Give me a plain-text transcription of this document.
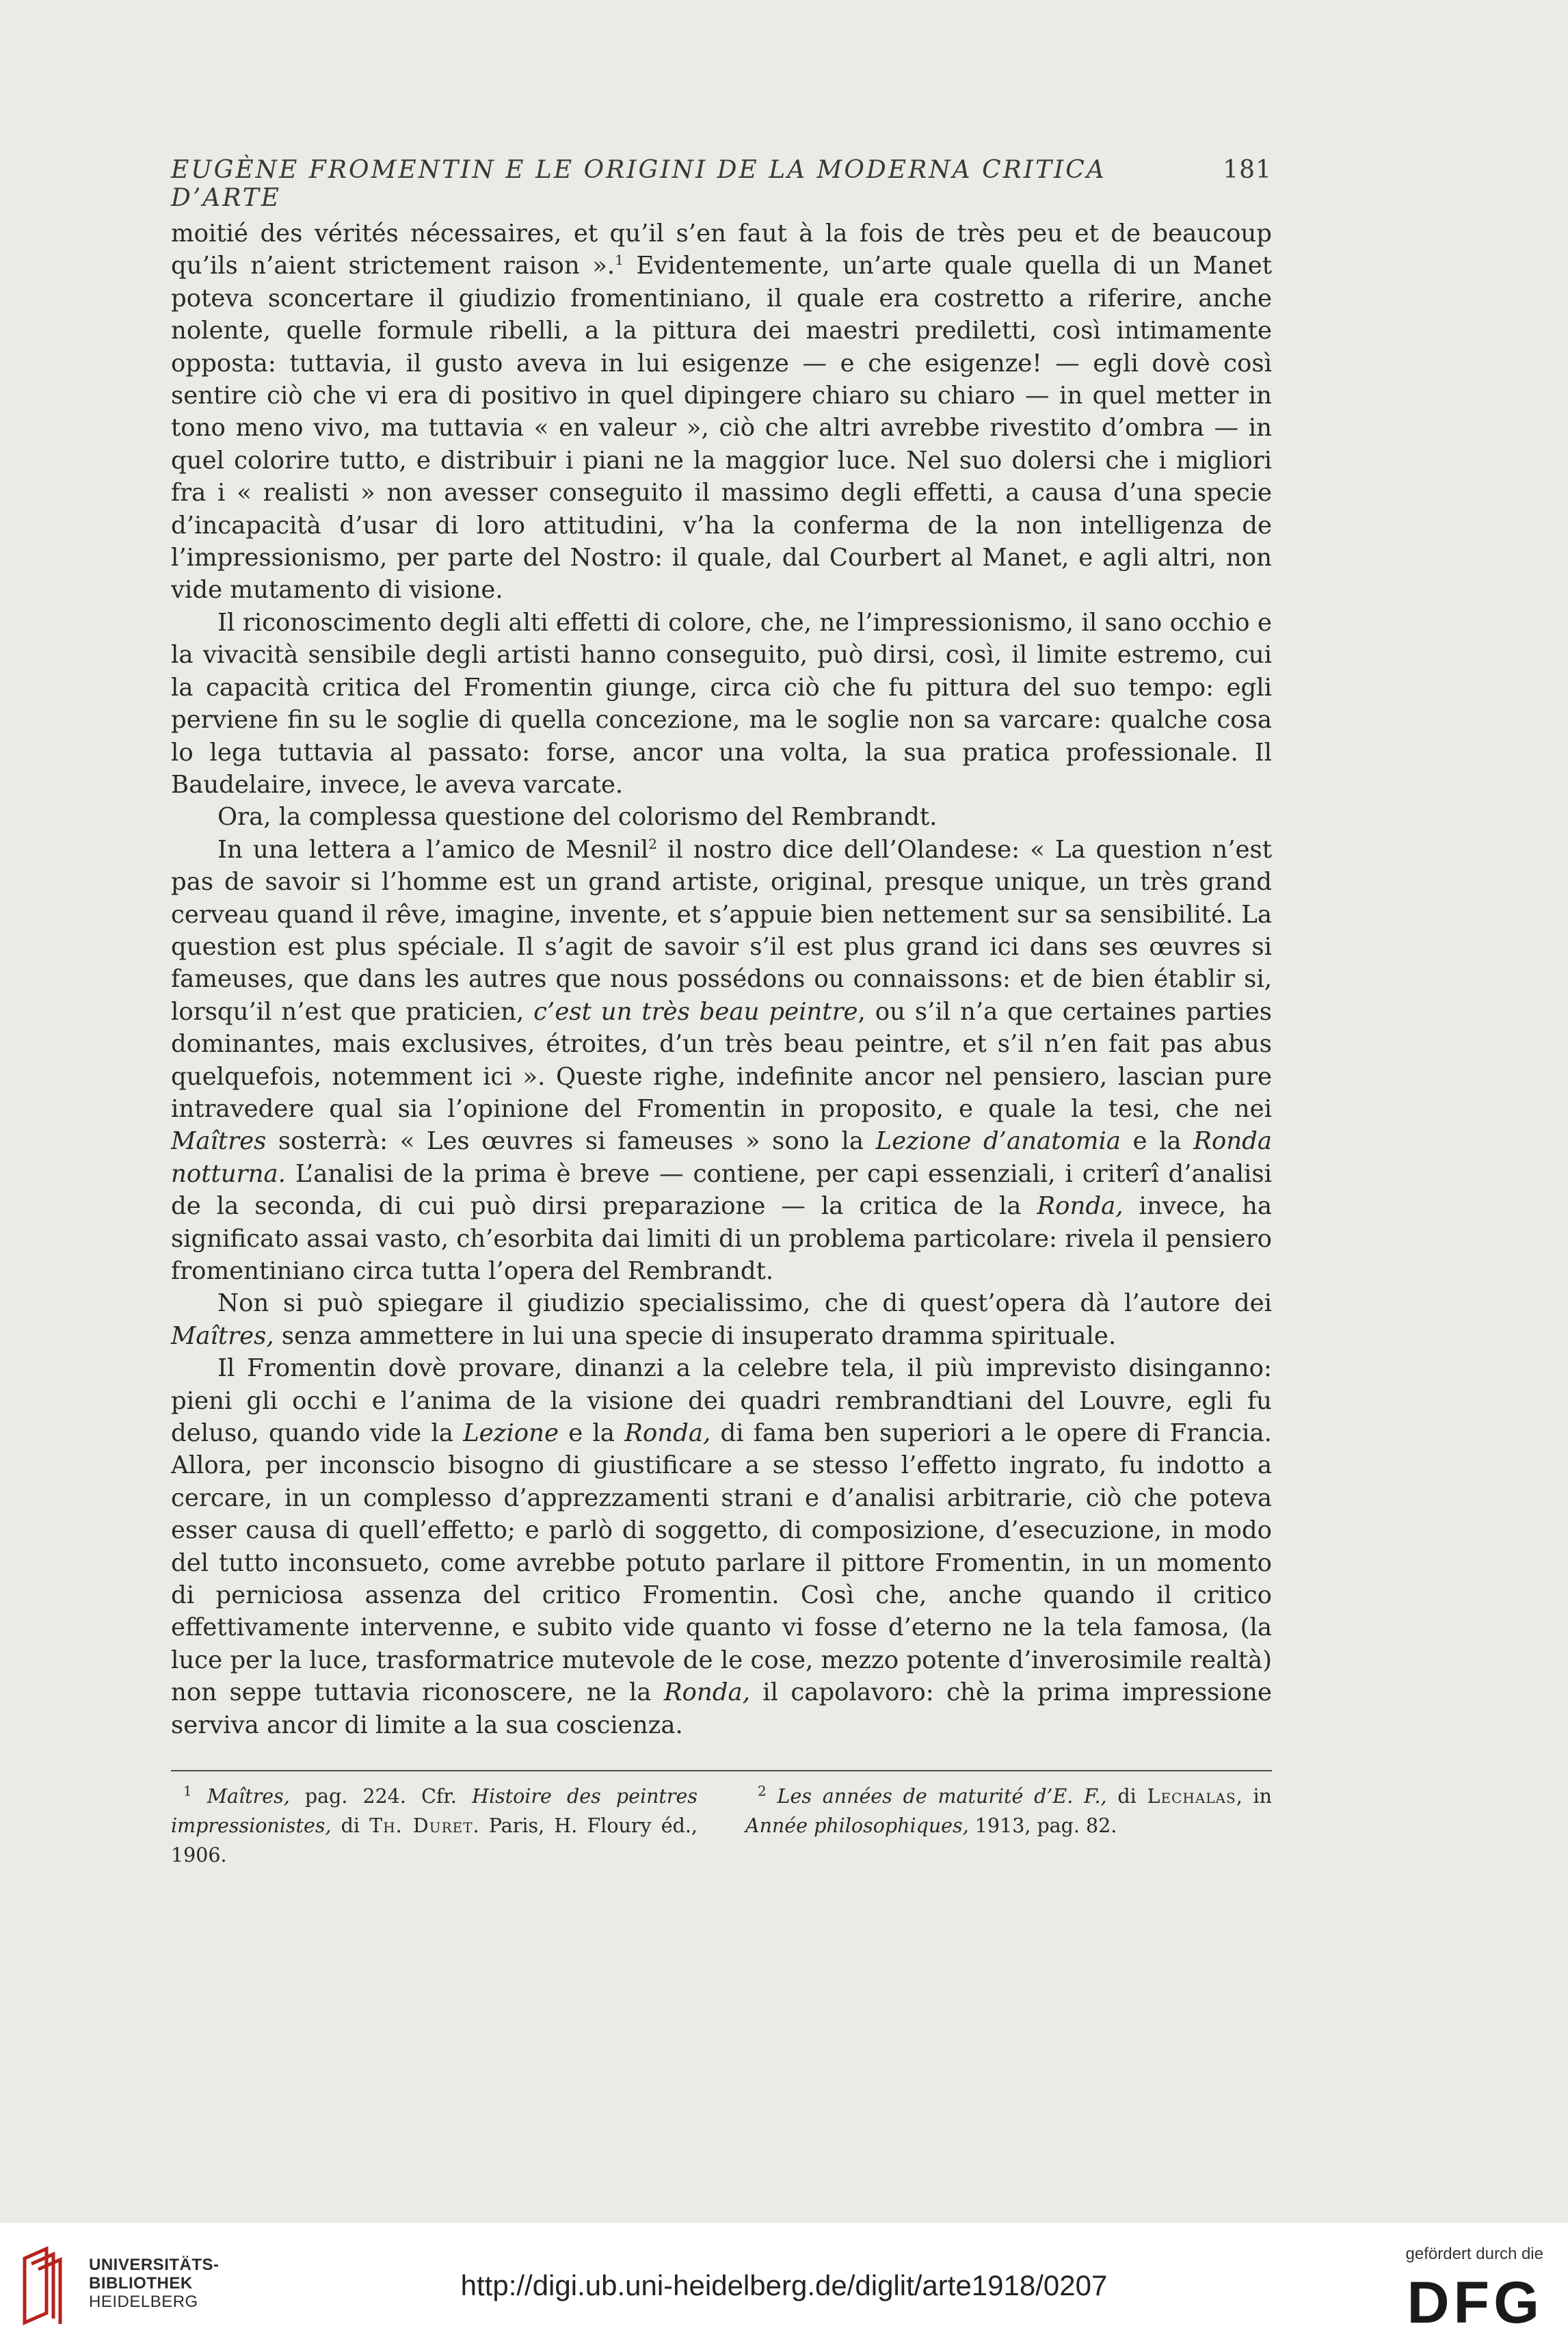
EUGÈNE FROMENTIN E LE ORIGINI DE LA MODERNA CRITICA D’ARTE
181

moitié des vérités nécessaires, et qu’il s’en faut à la fois de très peu et de beaucoup qu’ils n’aient strictement raison ».$^1$ Evidentemente, un’arte quale quella di un Manet poteva sconcertare il giudizio fromentiniano, il quale era costretto a riferire, anche nolente, quelle formule ribelli, a la pittura dei maestri prediletti, così intimamente opposta: tuttavia, il gusto aveva in lui esigenze — e che esigenze! — egli dovè così sentire ciò che vi era di positivo in quel dipingere chiaro su chiaro — in quel metter in tono meno vivo, ma tuttavia « en valeur », ciò che altri avrebbe rivestito d’ombra — in quel colorire tutto, e distribuir i piani ne la maggior luce. Nel suo dolersi che i migliori fra i « realisti » non avesser conseguito il massimo degli effetti, a causa d’una specie d’incapacità d’usar di loro attitudini, v’ha la conferma de la non intelligenza de l’impressionismo, per parte del Nostro: il quale, dal Courbert al Manet, e agli altri, non vide mutamento di visione.

Il riconoscimento degli alti effetti di colore, che, ne l’impressionismo, il sano occhio e la vivacità sensibile degli artisti hanno conseguito, può dirsi, così, il limite estremo, cui la capacità critica del Fromentin giunge, circa ciò che fu pittura del suo tempo: egli perviene fin su le soglie di quella concezione, ma le soglie non sa varcare: qualche cosa lo lega tuttavia al passato: forse, ancor una volta, la sua pratica professionale. Il Baudelaire, invece, le aveva varcate.

Ora, la complessa questione del colorismo del Rembrandt.

In una lettera a l’amico de Mesnil$^2$ il nostro dice dell’Olandese: « La question n’est pas de savoir si l’homme est un grand artiste, original, presque unique, un très grand cerveau quand il rêve, imagine, invente, et s’appuie bien nettement sur sa sensibilité. La question est plus spéciale. Il s’agit de savoir s’il est plus grand ici dans ses œuvres si fameuses, que dans les autres que nous possédons ou connaissons: et de bien établir si, lorsqu’il n’est que praticien, c’est un très beau peintre, ou s’il n’a que certaines parties dominantes, mais exclusives, étroites, d’un très beau peintre, et s’il n’en fait pas abus quelquefois, notemment ici ». Queste righe, indefinite ancor nel pensiero, lascian pure intravedere qual sia l’opinione del Fromentin in proposito, e quale la tesi, che nei Maîtres sosterrà: « Les œuvres si fameuses » sono la Lezione d’anatomia e la Ronda notturna. L’analisi de la prima è breve — contiene, per capi essenziali, i criterî d’analisi de la seconda, di cui può dirsi preparazione — la critica de la Ronda, invece, ha significato assai vasto, ch’esorbita dai limiti di un problema particolare: rivela il pensiero fromentiniano circa tutta l’opera del Rembrandt.

Non si può spiegare il giudizio specialissimo, che di quest’opera dà l’autore dei Maîtres, senza ammettere in lui una specie di insuperato dramma spirituale.

Il Fromentin dovè provare, dinanzi a la celebre tela, il più imprevisto disinganno: pieni gli occhi e l’anima de la visione dei quadri rembrandtiani del Louvre, egli fu deluso, quando vide la Lezione e la Ronda, di fama ben superiori a le opere di Francia. Allora, per inconscio bisogno di giustificare a se stesso l’effetto ingrato, fu indotto a cercare, in un complesso d’apprezzamenti strani e d’analisi arbitrarie, ciò che poteva esser causa di quell’effetto; e parlò di soggetto, di composizione, d’esecuzione, in modo del tutto inconsueto, come avrebbe potuto parlare il pittore Fromentin, in un momento di perniciosa assenza del critico Fromentin. Così che, anche quando il critico effettivamente intervenne, e subito vide quanto vi fosse d’eterno ne la tela famosa, (la luce per la luce, trasformatrice mutevole de le cose, mezzo potente d’inverosimile realtà) non seppe tuttavia riconoscere, ne la Ronda, il capolavoro: chè la prima impressione serviva ancor di limite a la sua coscienza.

$^1$ Maîtres, pag. 224. Cfr. Histoire des peintres impressionistes, di Th. Duret. Paris, H. Floury éd., 1906.

$^2$ Les années de maturité d’E. F., di Lechalas, in Année philosophiques, 1913, pag. 82.

UNIVERSITÄTS-
BIBLIOTHEK
HEIDELBERG
http://digi.ub.uni-heidelberg.de/diglit/arte1918/0207
gefördert durch die
DFG
